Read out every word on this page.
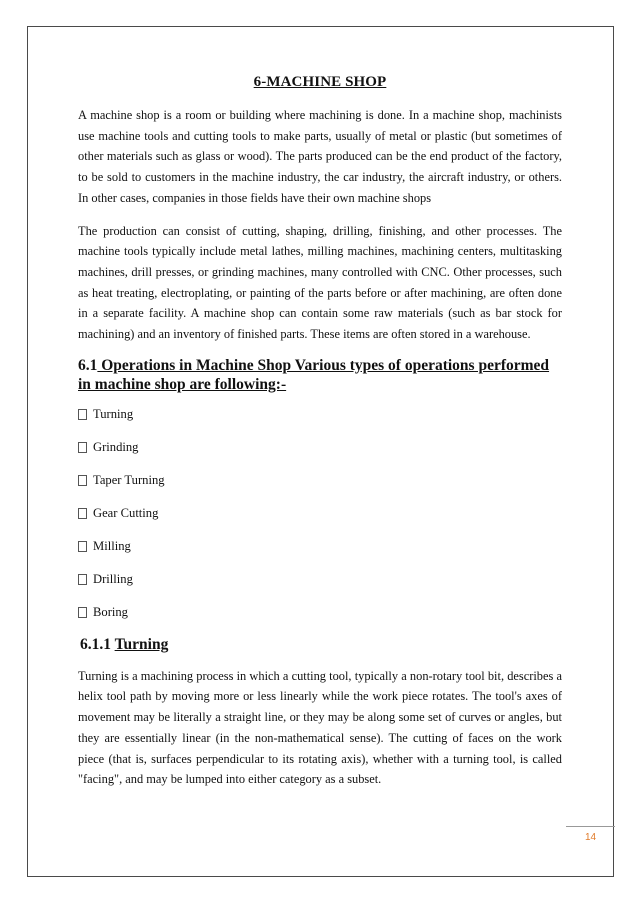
6-MACHINE SHOP

A machine shop is a room or building where machining is done. In a machine shop, machinists use machine tools and cutting tools to make parts, usually of metal or plastic (but sometimes of other materials such as glass or wood). The parts produced can be the end product of the factory, to be sold to customers in the machine industry, the car industry, the aircraft industry, or others. In other cases, companies in those fields have their own machine shops

The production can consist of cutting, shaping, drilling, finishing, and other processes. The machine tools typically include metal lathes, milling machines, machining centers, multitasking machines, drill presses, or grinding machines, many controlled with CNC. Other processes, such as heat treating, electroplating, or painting of the parts before or after machining, are often done in a separate facility. A machine shop can contain some raw materials (such as bar stock for machining) and an inventory of finished parts. These items are often stored in a warehouse.

6.1 Operations in Machine Shop Various types of operations performed in machine shop are following:-
Turning
Grinding
Taper Turning
Gear Cutting
Milling
Drilling
Boring
6.1.1 Turning

Turning is a machining process in which a cutting tool, typically a non-rotary tool bit, describes a helix tool path by moving more or less linearly while the work piece rotates. The tool's axes of movement may be literally a straight line, or they may be along some set of curves or angles, but they are essentially linear (in the non-mathematical sense). The cutting of faces on the work piece (that is, surfaces perpendicular to its rotating axis), whether with a turning tool, is called "facing", and may be lumped into either category as a subset.

14
